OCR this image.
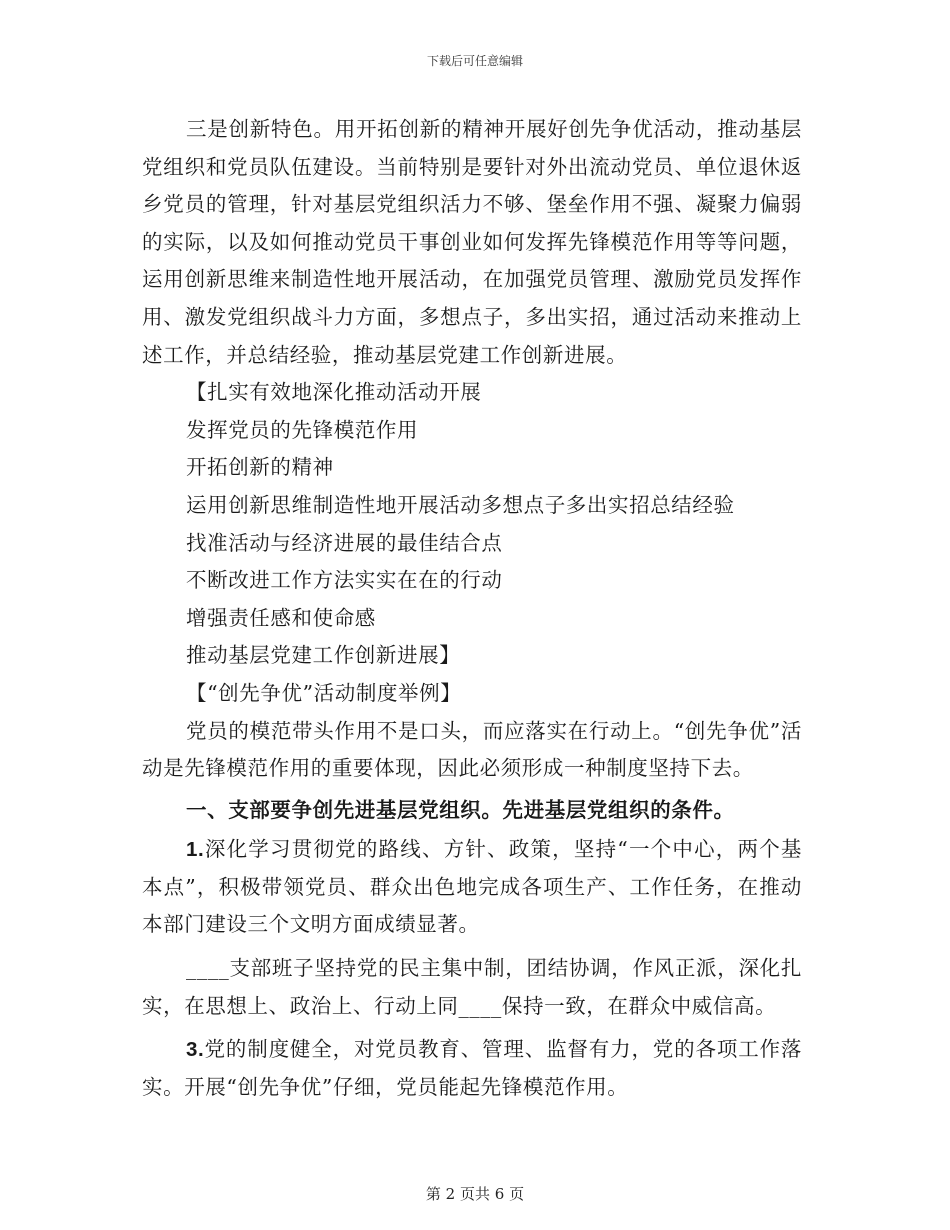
下载后可任意编辑

三是创新特色。用开拓创新的精神开展好创先争优活动，推动基层党组织和党员队伍建设。当前特别是要针对外出流动党员、单位退休返乡党员的管理，针对基层党组织活力不够、堡垒作用不强、凝聚力偏弱的实际，以及如何推动党员干事创业如何发挥先锋模范作用等等问题，运用创新思维来制造性地开展活动，在加强党员管理、激励党员发挥作用、激发党组织战斗力方面，多想点子，多出实招，通过活动来推动上述工作，并总结经验，推动基层党建工作创新进展。

【扎实有效地深化推动活动开展

发挥党员的先锋模范作用

开拓创新的精神

运用创新思维制造性地开展活动多想点子多出实招总结经验

找准活动与经济进展的最佳结合点

不断改进工作方法实实在在的行动

增强责任感和使命感

推动基层党建工作创新进展】

【“创先争优”活动制度举例】

党员的模范带头作用不是口头，而应落实在行动上。“创先争优”活动是先锋模范作用的重要体现，因此必须形成一种制度坚持下去。

一、支部要争创先进基层党组织。先进基层党组织的条件。

1.深化学习贯彻党的路线、方针、政策，坚持“一个中心，两个基本点”，积极带领党员、群众出色地完成各项生产、工作任务，在推动本部门建设三个文明方面成绩显著。

____支部班子坚持党的民主集中制，团结协调，作风正派，深化扎实，在思想上、政治上、行动上同____保持一致，在群众中威信高。

3.党的制度健全，对党员教育、管理、监督有力，党的各项工作落实。开展“创先争优”仔细，党员能起先锋模范作用。

第 2 页共 6 页
